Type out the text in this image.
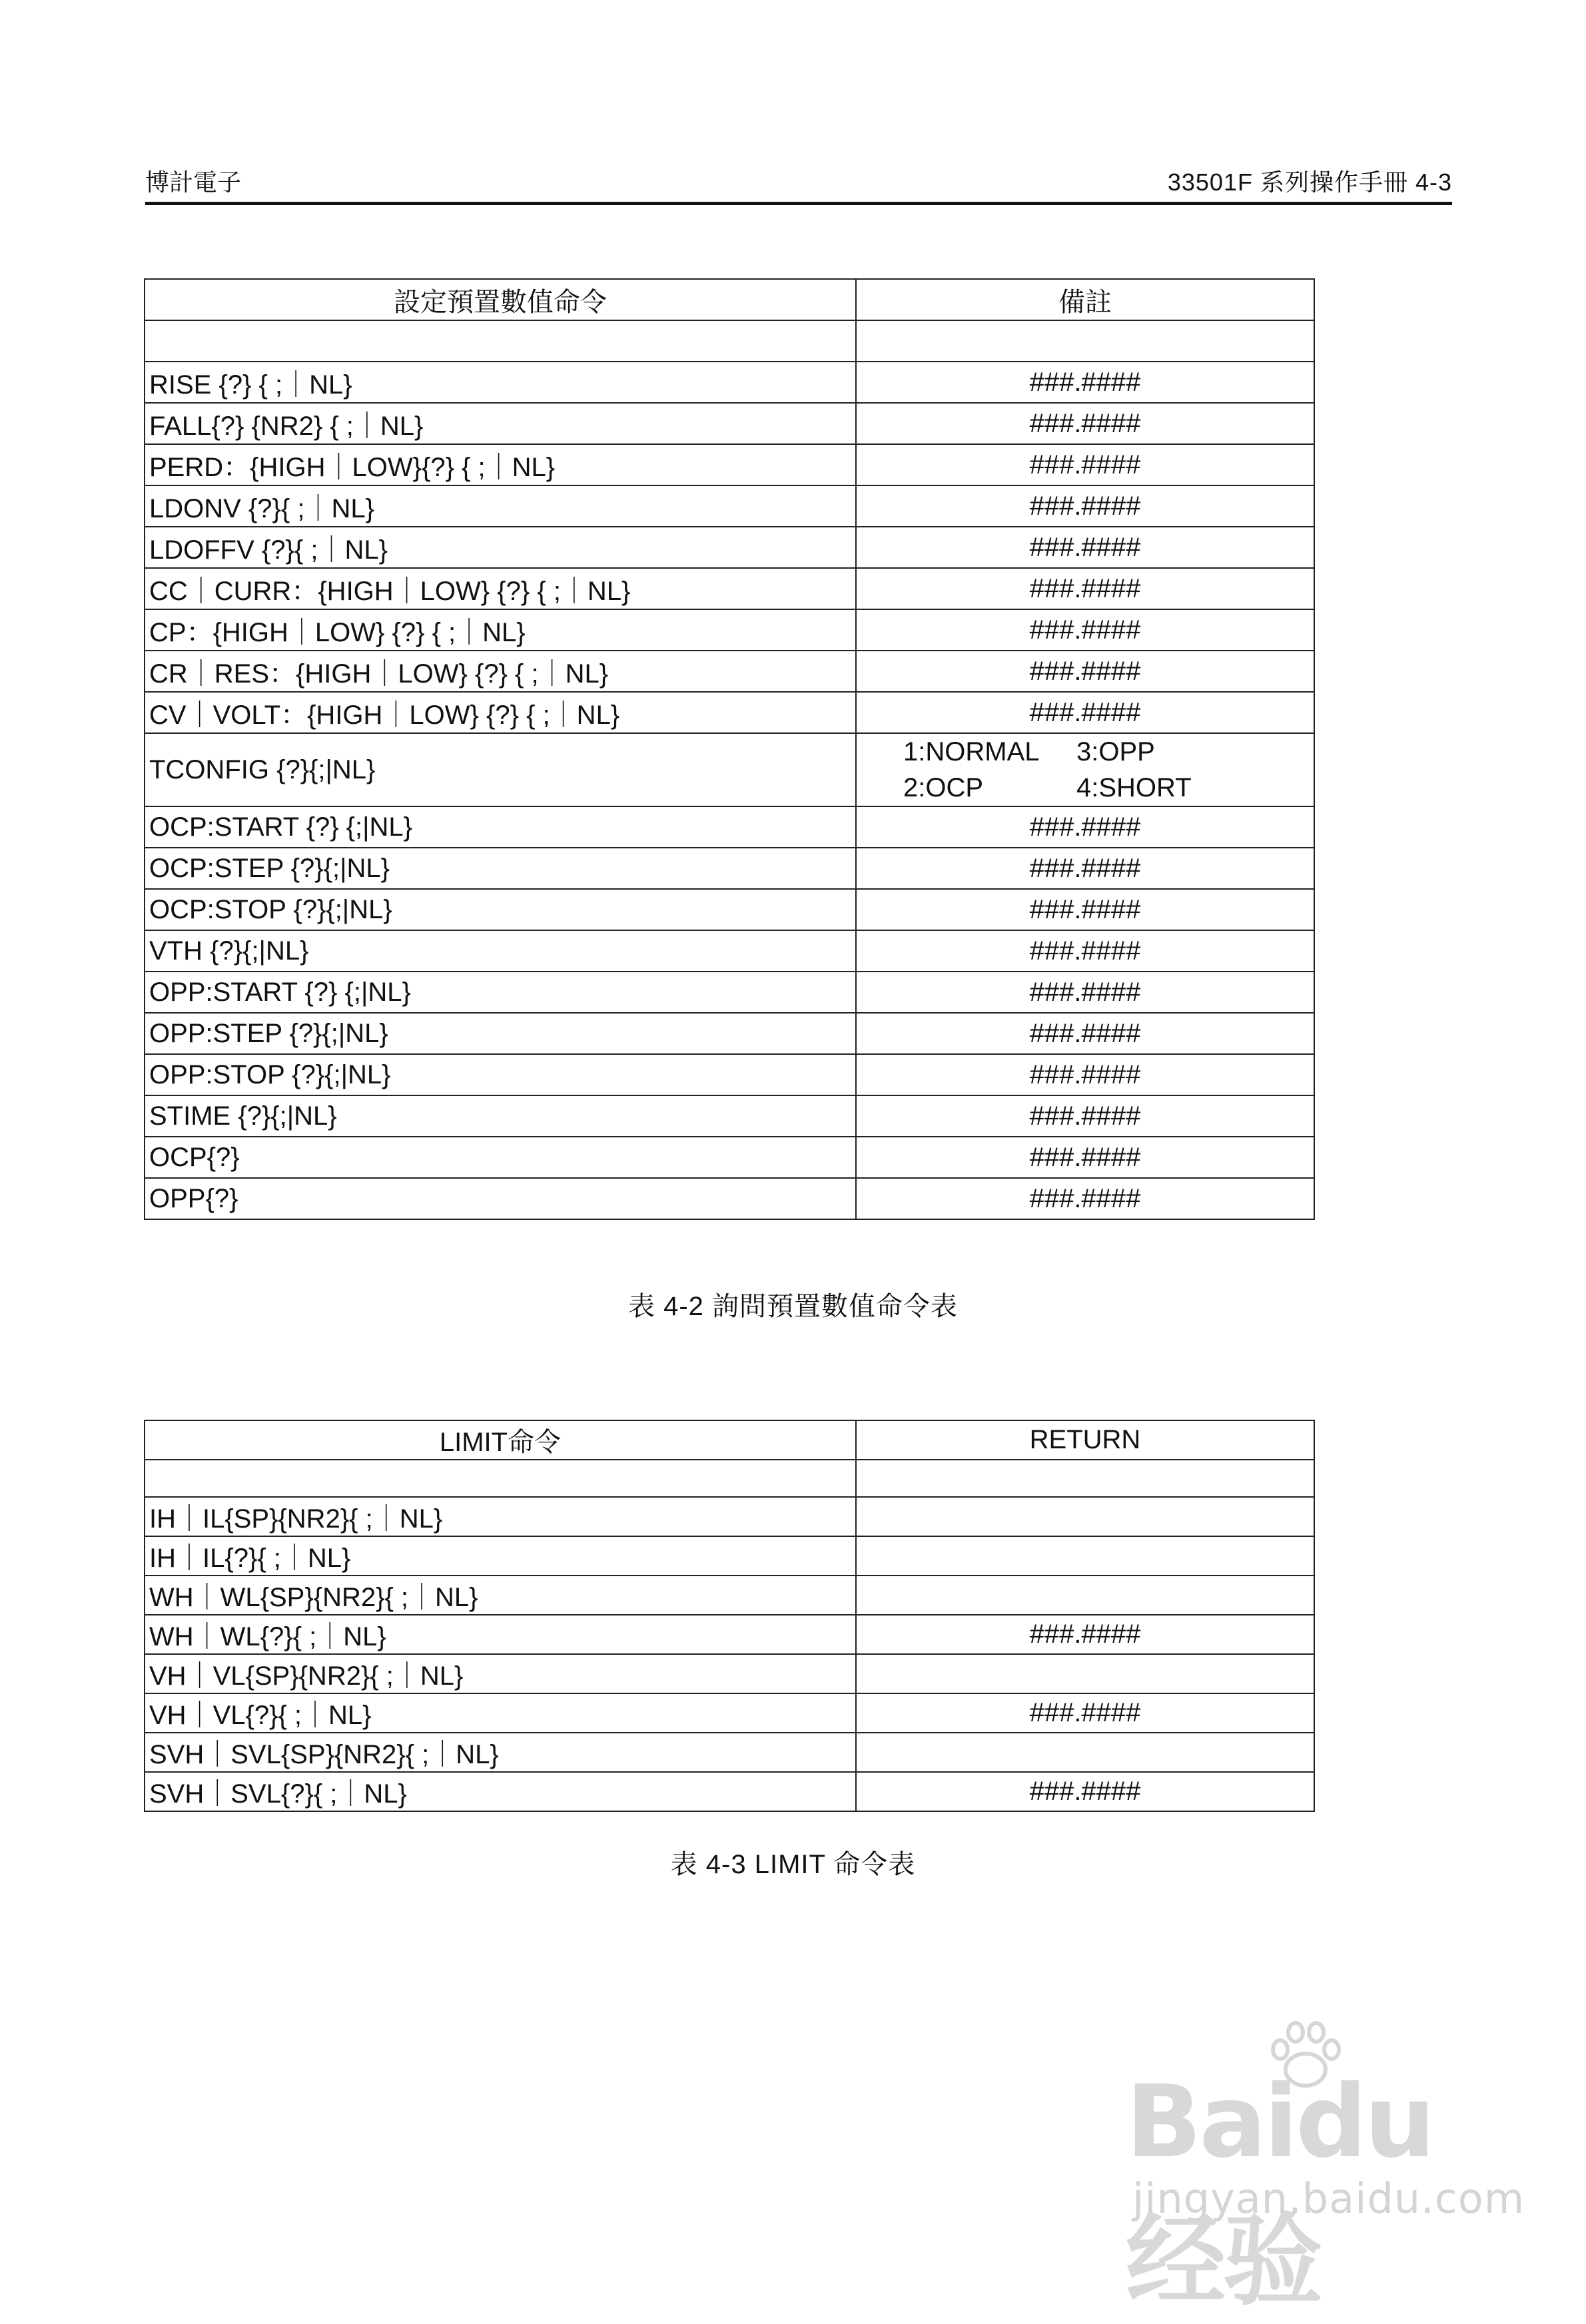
博計電子	33501F 系列操作手冊 4-3
設定預置數值命令	備註

RISE {?} { ;｜NL}	###.####
FALL{?} {NR2} { ;｜NL}	###.####
PERD：{HIGH｜LOW}{?} { ;｜NL}	###.####
LDONV {?}{ ;｜NL}	###.####
LDOFFV {?}{ ;｜NL}	###.####
CC｜CURR：{HIGH｜LOW} {?} { ;｜NL}	###.####
CP：{HIGH｜LOW} {?} { ;｜NL}	###.####
CR｜RES：{HIGH｜LOW} {?} { ;｜NL}	###.####
CV｜VOLT：{HIGH｜LOW} {?} { ;｜NL}	###.####
TCONFIG {?}{;|NL}	1:NORMAL 3:OPP
2:OCP 4:SHORT

OCP:START {?} {;|NL}	###.####
OCP:STEP {?}{;|NL}	###.####
OCP:STOP {?}{;|NL}	###.####
VTH {?}{;|NL}	###.####
OPP:START {?} {;|NL}	###.####
OPP:STEP {?}{;|NL}	###.####
OPP:STOP {?}{;|NL}	###.####
STIME {?}{;|NL}	###.####
OCP{?}	###.####
OPP{?}	###.####
表 4-2 詢問預置數值命令表
LIMIT命令	RETURN

IH｜IL{SP}{NR2}{ ;｜NL}	
IH｜IL{?}{ ;｜NL}	
WH｜WL{SP}{NR2}{ ;｜NL}	
WH｜WL{?}{ ;｜NL}	###.####
VH｜VL{SP}{NR2}{ ;｜NL}	
VH｜VL{?}{ ;｜NL}	###.####
SVH｜SVL{SP}{NR2}{ ;｜NL}	
SVH｜SVL{?}{ ;｜NL}	###.####
表 4-3 LIMIT 命令表
Baidu经验
jingyan.baidu.com
